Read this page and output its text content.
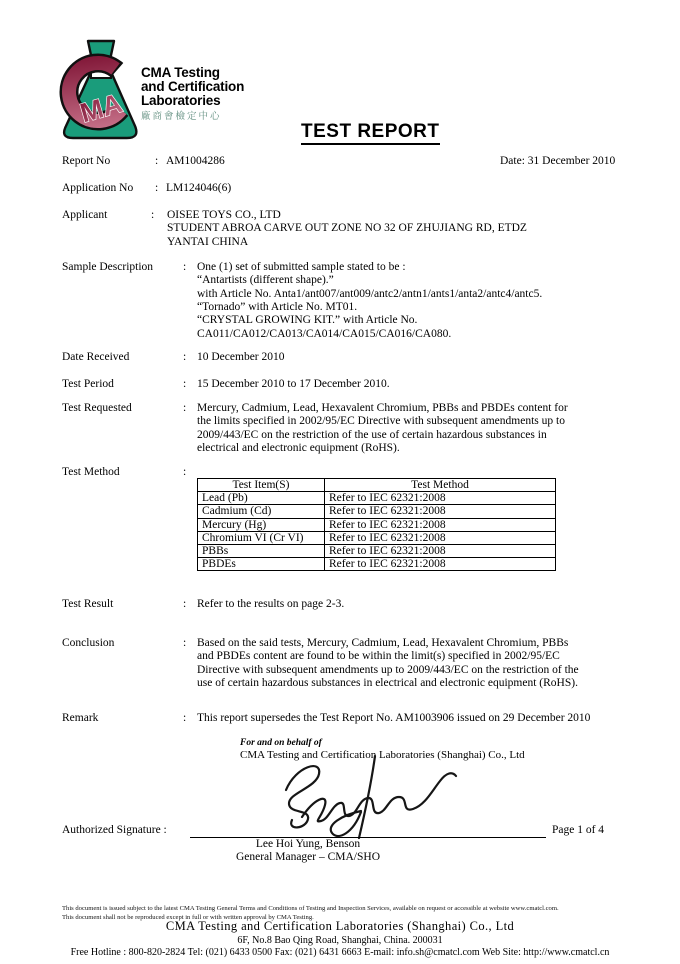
MA
CMA Testing
and Certification
Laboratories
廠商會檢定中心
TEST REPORT
Report No	: AM1004286	Date: 31 December 2010
Application No : LM124046(6)
Applicant	: OISEE TOYS CO., LTD
STUDENT ABROA CARVE OUT ZONE NO 32 OF ZHUJIANG RD, ETDZ
YANTAI CHINA
Sample Description	: One (1) set of submitted sample stated to be :
“Antartists (different shape).”
with Article No. Anta1/ant007/ant009/antc2/antn1/ants1/anta2/antc4/antc5.
“Tornado” with Article No. MT01.
“CRYSTAL GROWING KIT.” with Article No.
CA011/CA012/CA013/CA014/CA015/CA016/CA080.
Date Received	: 10 December 2010
Test Period	: 15 December 2010 to 17 December 2010.
Test Requested	: Mercury, Cadmium, Lead, Hexavalent Chromium, PBBs and PBDEs content for
the limits specified in 2002/95/EC Directive with subsequent amendments up to
2009/443/EC on the restriction of the use of certain hazardous substances in
electrical and electronic equipment (RoHS).
Test Method	:
Test Item(S)	Test Method
Lead (Pb)	Refer to IEC 62321:2008
Cadmium (Cd)	Refer to IEC 62321:2008
Mercury (Hg)	Refer to IEC 62321:2008
Chromium VI (Cr VI)	Refer to IEC 62321:2008
PBBs	Refer to IEC 62321:2008
PBDEs	Refer to IEC 62321:2008
Test Result	: Refer to the results on page 2-3.
Conclusion	: Based on the said tests, Mercury, Cadmium, Lead, Hexavalent Chromium, PBBs
and PBDEs content are found to be within the limit(s) specified in 2002/95/EC
Directive with subsequent amendments up to 2009/443/EC on the restriction of the
use of certain hazardous substances in electrical and electronic equipment (RoHS).
Remark	: This report supersedes the Test Report No. AM1003906 issued on 29 December 2010
For and on behalf of
CMA Testing and Certification Laboratories (Shanghai) Co., Ltd
Authorized Signature :	Page 1 of 4
Lee Hoi Yung, Benson
General Manager – CMA/SHO
This document is issued subject to the latest CMA Testing General Terms and Conditions of Testing and Inspection Services, available on request or accessible at website www.cmatcl.com.
This document shall not be reproduced except in full or with written approval by CMA Testing.
CMA Testing and Certification Laboratories (Shanghai) Co., Ltd
6F, No.8 Bao Qing Road, Shanghai, China. 200031
Free Hotline : 800-820-2824 Tel: (021) 6433 0500 Fax: (021) 6431 6663 E-mail: info.sh@cmatcl.com Web Site: http://www.cmatcl.cn
